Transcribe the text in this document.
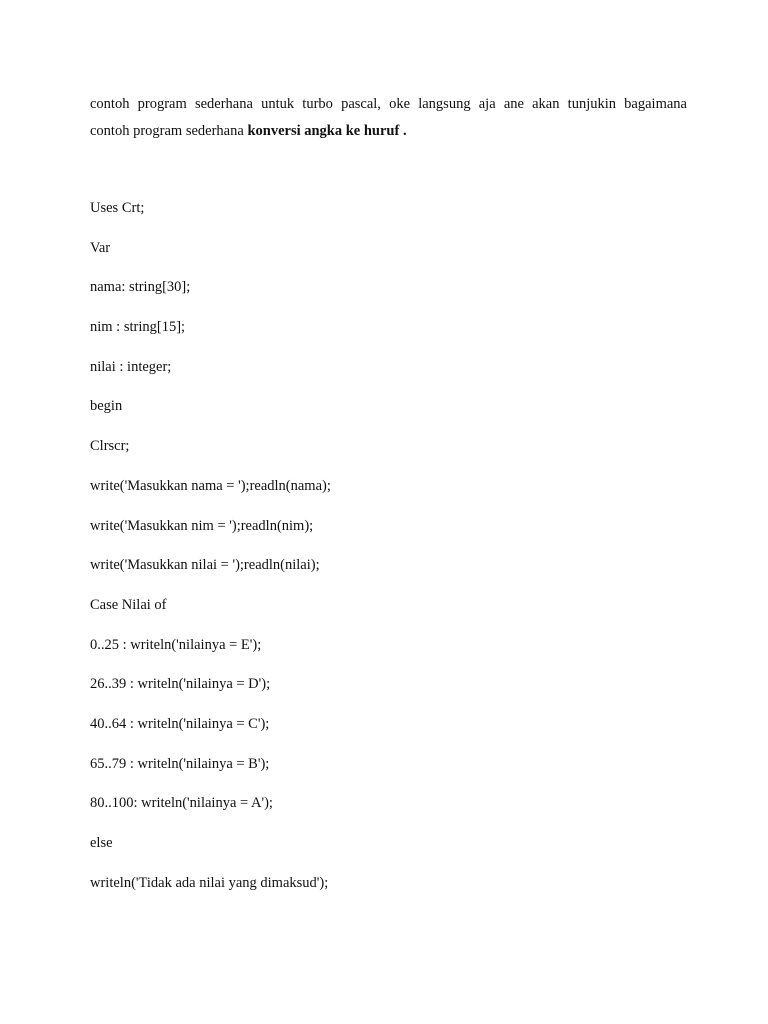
contoh program sederhana untuk turbo pascal, oke langsung aja ane akan tunjukin bagaimana
contoh program sederhana konversi angka ke huruf .

Uses Crt;
Var
nama: string[30];
nim : string[15];
nilai : integer;
begin
Clrscr;
write('Masukkan nama = ');readln(nama);
write('Masukkan nim = ');readln(nim);
write('Masukkan nilai = ');readln(nilai);
Case Nilai of
0..25 : writeln('nilainya = E');
26..39 : writeln('nilainya = D');
40..64 : writeln('nilainya = C');
65..79 : writeln('nilainya = B');
80..100: writeln('nilainya = A');
else
writeln('Tidak ada nilai yang dimaksud');
